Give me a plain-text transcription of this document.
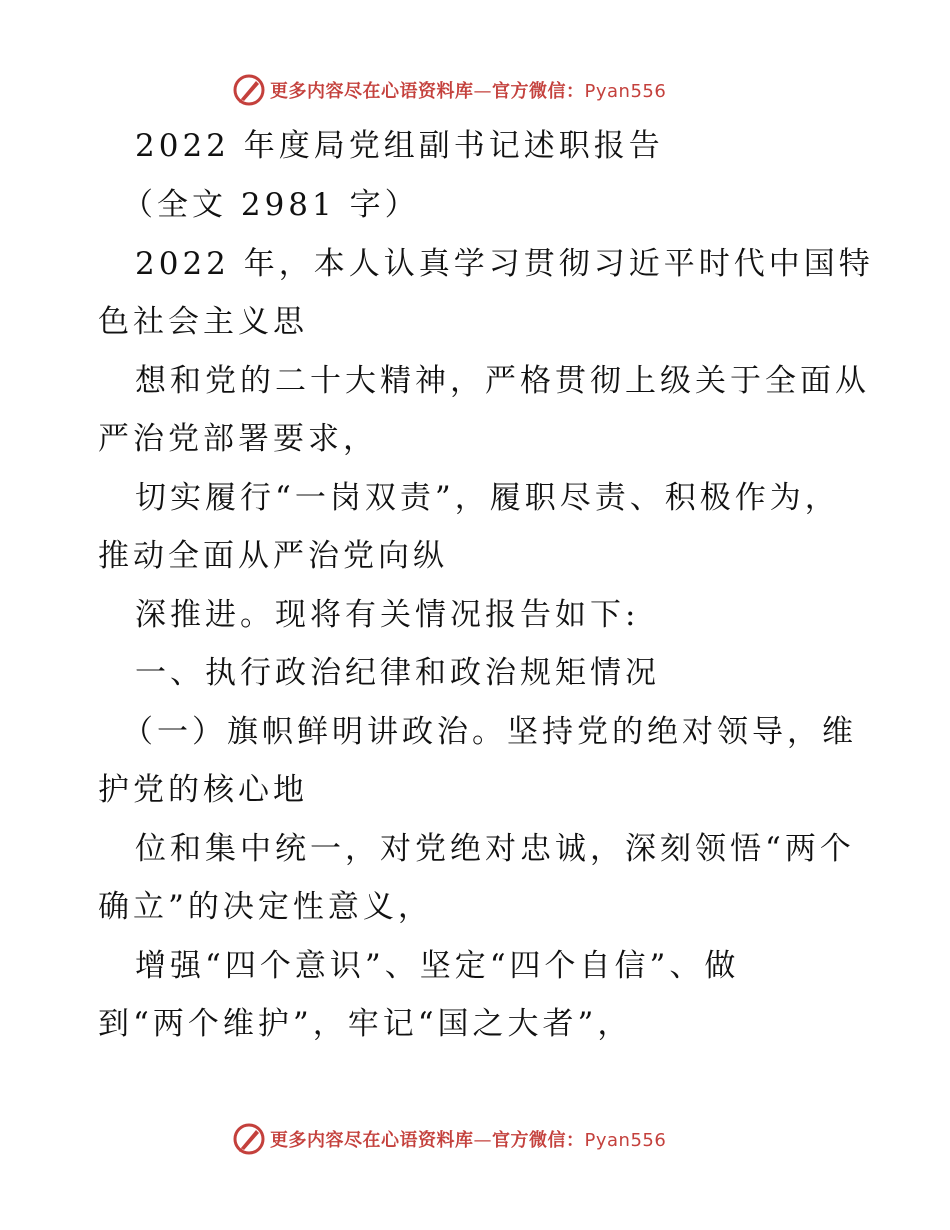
更多内容尽在心语资料库—官方微信：Pyan556
2022 年度局党组副书记述职报告
（全文 2981 字）
2022 年，本人认真学习贯彻习近平时代中国特
色社会主义思
想和党的二十大精神，严格贯彻上级关于全面从
严治党部署要求，
切实履行“一岗双责”，履职尽责、积极作为，
推动全面从严治党向纵
深推进。现将有关情况报告如下:
一、执行政治纪律和政治规矩情况
（一）旗帜鲜明讲政治。坚持党的绝对领导，维
护党的核心地
位和集中统一，对党绝对忠诚，深刻领悟“两个
确立”的决定性意义，
增强“四个意识”、坚定“四个自信”、做
到“两个维护”，牢记“国之大者”，
更多内容尽在心语资料库—官方微信：Pyan556
